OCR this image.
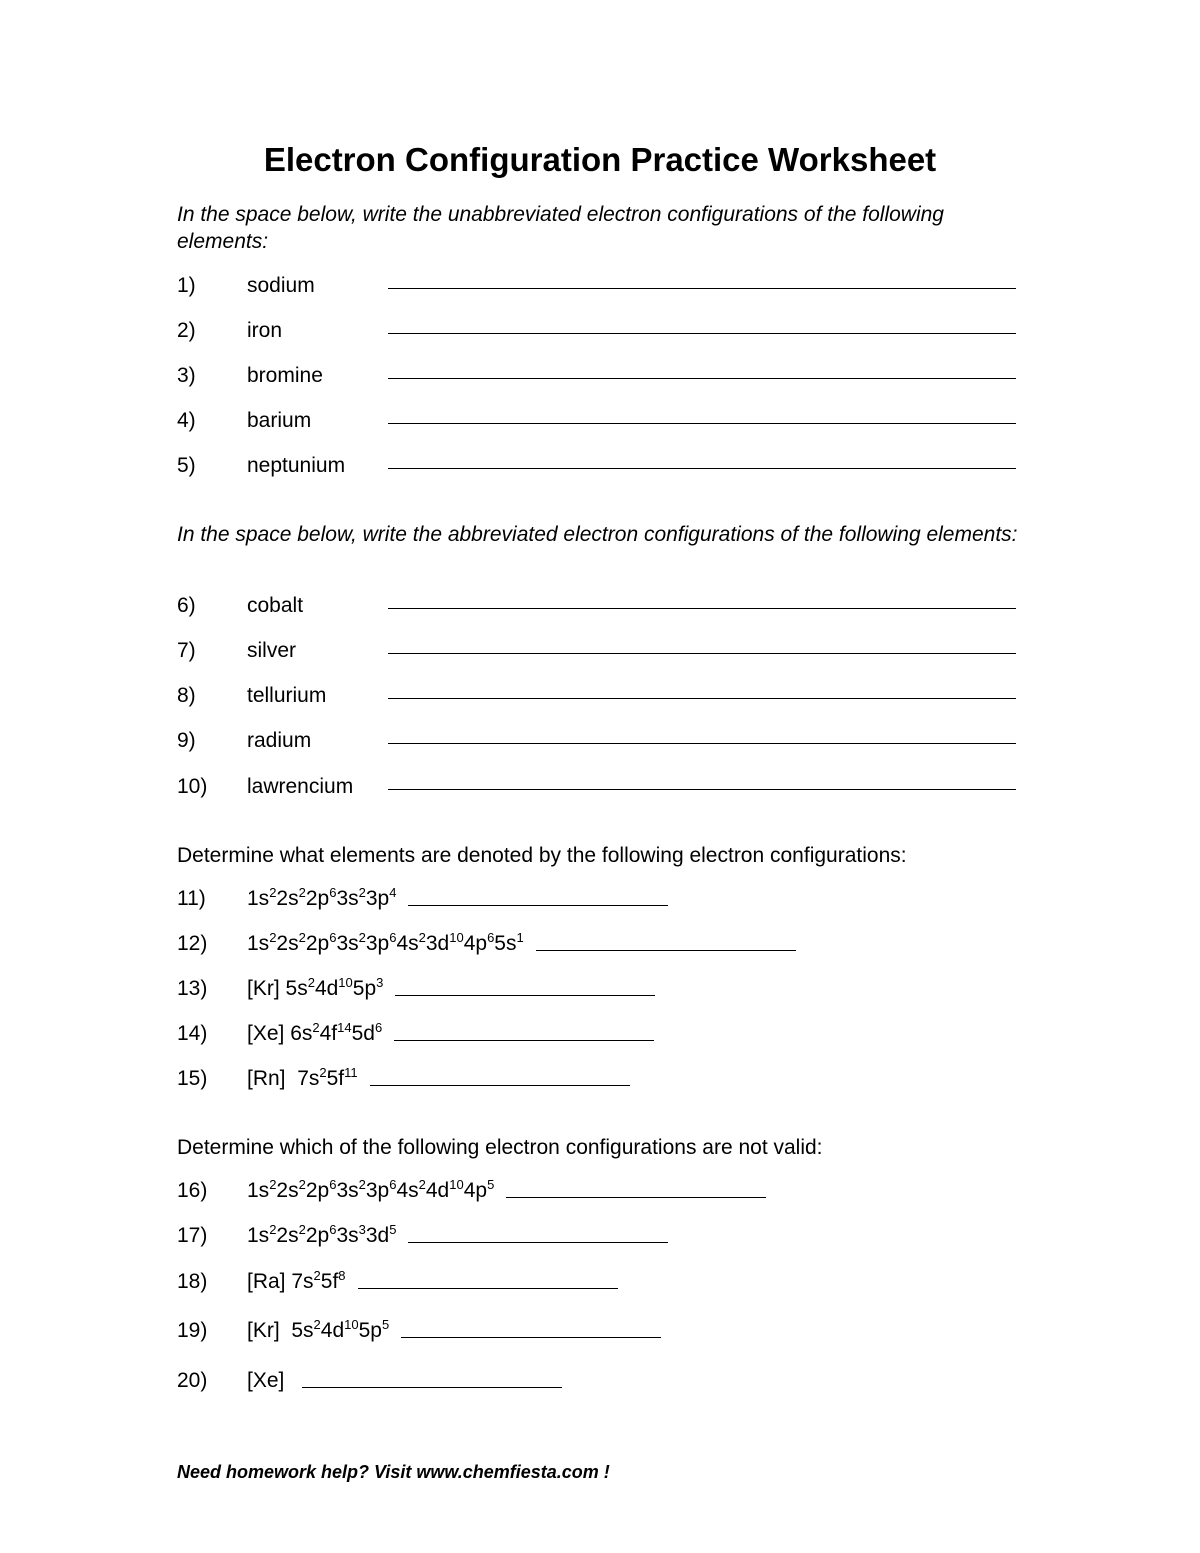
Electron Configuration Practice Worksheet
In the space below, write the unabbreviated electron configurations of the following elements:
1) sodium
2) iron
3) bromine
4) barium
5) neptunium
In the space below, write the abbreviated electron configurations of the following elements:
6) cobalt
7) silver
8) tellurium
9) radium
10) lawrencium
Determine what elements are denoted by the following electron configurations:
11) $1s^22s^22p^63s^23p^4$
12) $1s^22s^22p^63s^23p^64s^23d^{10}4p^65s^1$
13) [Kr] $5s^24d^{10}5p^3$
14) [Xe] $6s^24f^{14}5d^6$
15) [Rn]  $7s^25f^{11}$
Determine which of the following electron configurations are not valid:
16) $1s^22s^22p^63s^23p^64s^24d^{10}4p^5$
17) $1s^22s^22p^63s^33d^5$
18) [Ra] $7s^25f^8$
19) [Kr]  $5s^24d^{10}5p^5$
20) [Xe]
Need homework help? Visit www.chemfiesta.com !
